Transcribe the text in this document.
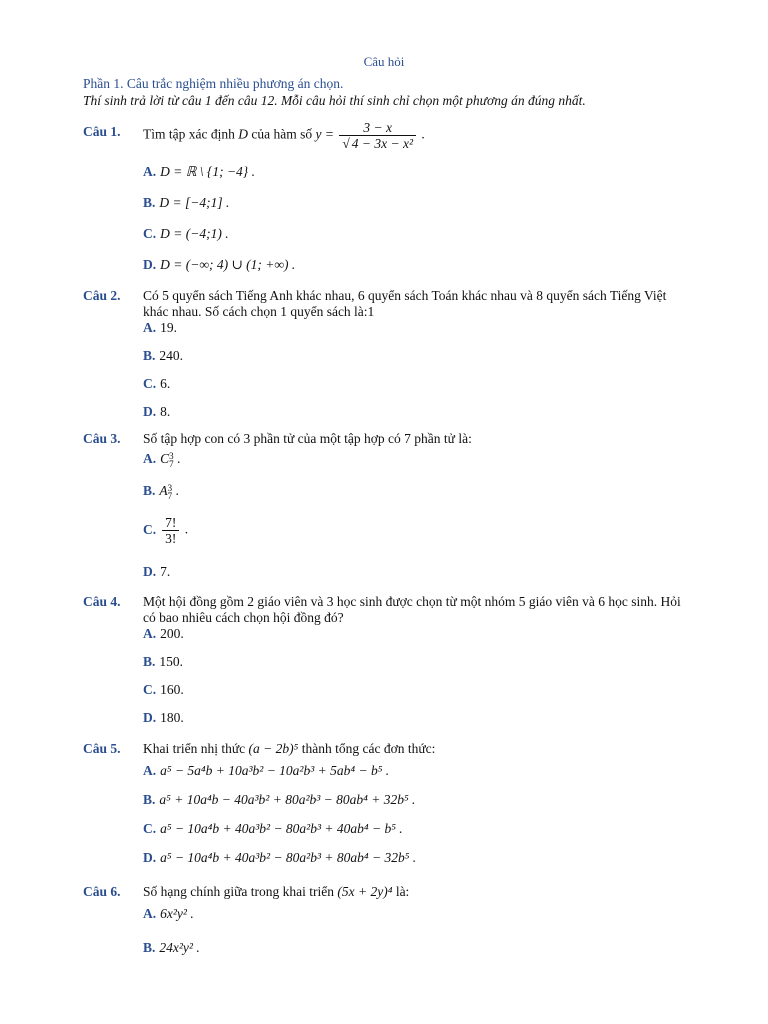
Câu hỏi
Phần 1. Câu trắc nghiệm nhiều phương án chọn.
Thí sinh trả lời từ câu 1 đến câu 12. Mỗi câu hỏi thí sinh chỉ chọn một phương án đúng nhất.
Câu 1. Tìm tập xác định D của hàm số $y = \frac{3 - x}{\text{√ 4 − 3x − x²}}$ .
A. D = ℝ \ {1; −4} .
B. D = [−4;1] .
C. D = (−4;1) .
D. D = (−∞; 4) ∪ (1; +∞) .
Câu 2. Có 5 quyển sách Tiếng Anh khác nhau, 6 quyển sách Toán khác nhau và 8 quyển sách Tiếng Việt khác nhau. Số cách chọn 1 quyển sách là:1
A. 19.
B. 240.
C. 6.
D. 8.
Câu 3. Số tập hợp con có 3 phần tử của một tập hợp có 7 phần tử là:
A. C 3
7 .
B. A 3
7 .
C. $\frac{7!}{3!}$ .
D. 7.
Câu 4. Một hội đồng gồm 2 giáo viên và 3 học sinh được chọn từ một nhóm 5 giáo viên và 6 học sinh. Hỏi có bao nhiêu cách chọn hội đồng đó?
A. 200.
B. 150.
C. 160.
D. 180.
Câu 5. Khai triển nhị thức (a − 2b)⁵ thành tổng các đơn thức:
A. a⁵ − 5a⁴b + 10a³b² − 10a²b³ + 5ab⁴ − b⁵ .
B. a⁵ + 10a⁴b − 40a³b² + 80a²b³ − 80ab⁴ + 32b⁵ .
C. a⁵ − 10a⁴b + 40a³b² − 80a²b³ + 40ab⁴ − b⁵ .
D. a⁵ − 10a⁴b + 40a³b² − 80a²b³ + 80ab⁴ − 32b⁵ .
Câu 6. Số hạng chính giữa trong khai triển (5x + 2y)⁴ là:
A. 6x²y² .
B. 24x²y² .
